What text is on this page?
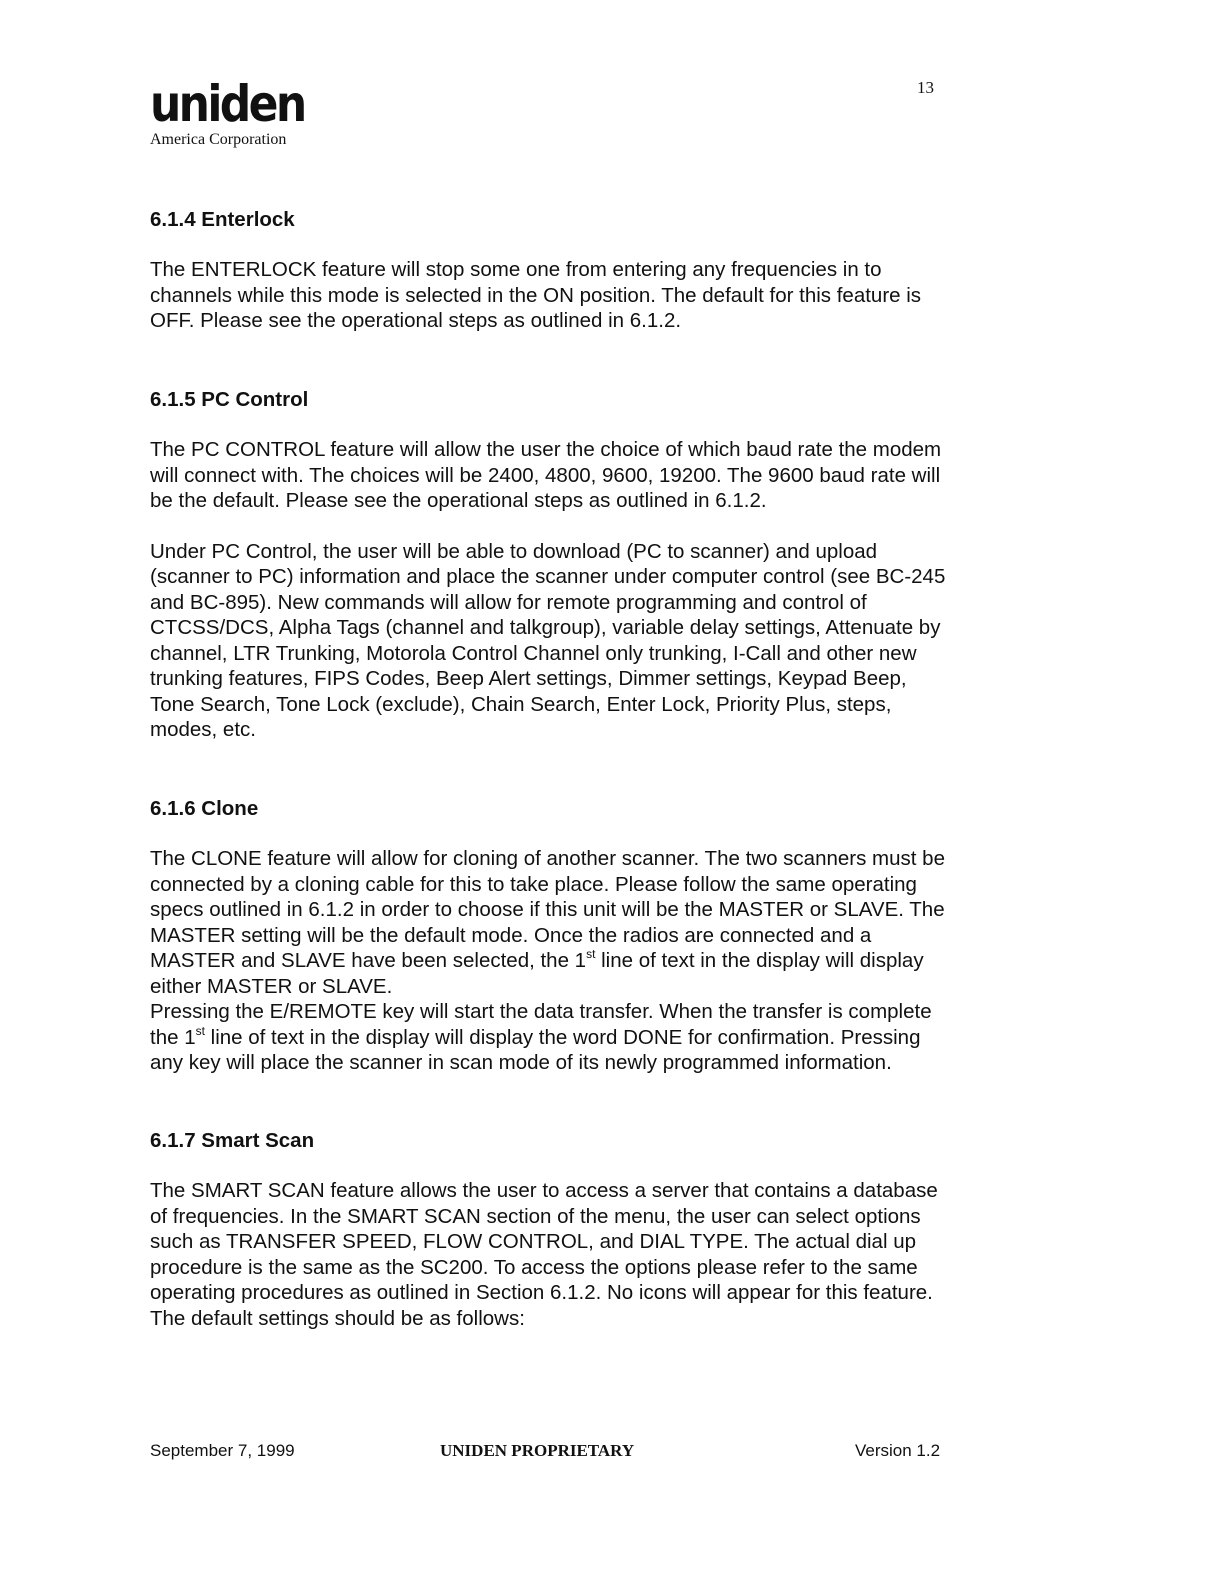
uniden
America Corporation
13
6.1.4 Enterlock

The ENTERLOCK feature will stop some one from entering any frequencies in to channels while this mode is selected in the ON position. The default for this feature is OFF. Please see the operational steps as outlined in 6.1.2.

6.1.5 PC Control

The PC CONTROL feature will allow the user the choice of which baud rate the modem will connect with. The choices will be 2400, 4800, 9600, 19200. The 9600 baud rate will be the default. Please see the operational steps as outlined in 6.1.2.

Under PC Control, the user will be able to download (PC to scanner) and upload (scanner to PC) information and place the scanner under computer control (see BC-245 and BC-895). New commands will allow for remote programming and control of CTCSS/DCS, Alpha Tags (channel and talkgroup), variable delay settings, Attenuate by channel, LTR Trunking, Motorola Control Channel only trunking, I-Call and other new trunking features, FIPS Codes, Beep Alert settings, Dimmer settings, Keypad Beep, Tone Search, Tone Lock (exclude), Chain Search, Enter Lock, Priority Plus, steps, modes, etc.

6.1.6 Clone

The CLONE feature will allow for cloning of another scanner. The two scanners must be connected by a cloning cable for this to take place. Please follow the same operating specs outlined in 6.1.2 in order to choose if this unit will be the MASTER or SLAVE. The MASTER setting will be the default mode. Once the radios are connected and a MASTER and SLAVE have been selected, the 1st line of text in the display will display either MASTER or SLAVE.

Pressing the E/REMOTE key will start the data transfer. When the transfer is complete the 1st line of text in the display will display the word DONE for confirmation. Pressing any key will place the scanner in scan mode of its newly programmed information.

6.1.7 Smart Scan

The SMART SCAN feature allows the user to access a server that contains a database of frequencies. In the SMART SCAN section of the menu, the user can select options such as TRANSFER SPEED, FLOW CONTROL, and DIAL TYPE. The actual dial up procedure is the same as the SC200. To access the options please refer to the same operating procedures as outlined in Section 6.1.2. No icons will appear for this feature. The default settings should be as follows:

September 7, 1999	UNIDEN PROPRIETARY	Version 1.2
